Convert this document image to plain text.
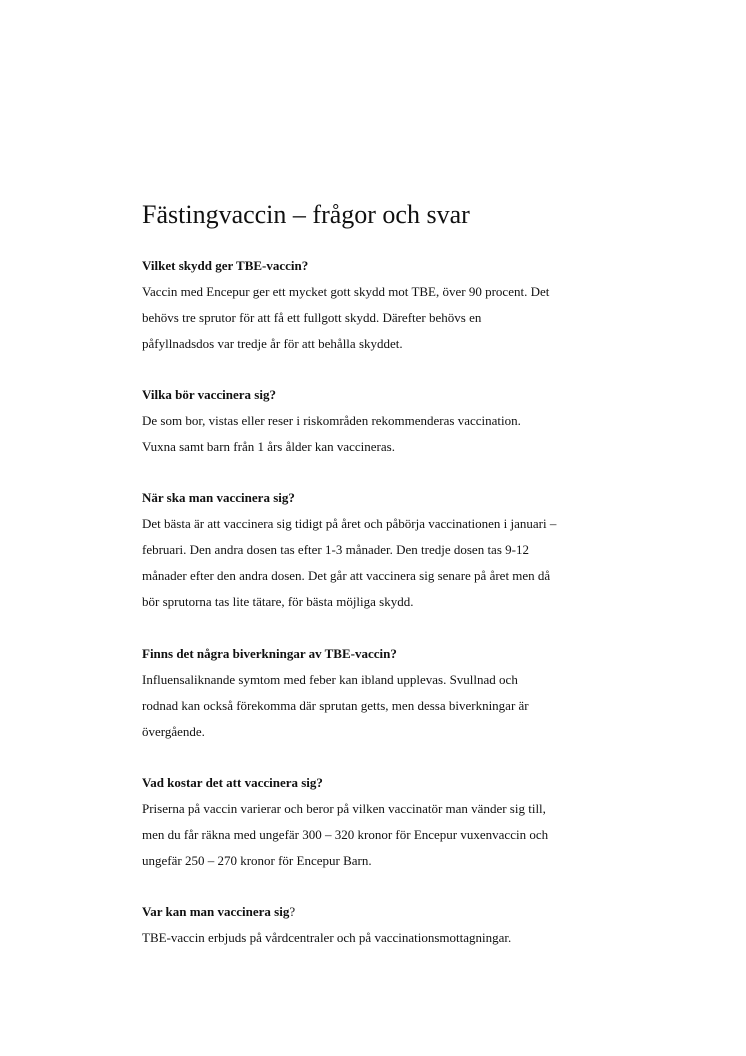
Fästingvaccin – frågor och svar

Vilket skydd ger TBE-vaccin?

Vaccin med Encepur ger ett mycket gott skydd mot TBE, över 90 procent. Det
behövs tre sprutor för att få ett fullgott skydd. Därefter behövs en
påfyllnadsdos var tredje år för att behålla skyddet.

Vilka bör vaccinera sig?

De som bor, vistas eller reser i riskområden rekommenderas vaccination.
Vuxna samt barn från 1 års ålder kan vaccineras.

När ska man vaccinera sig?

Det bästa är att vaccinera sig tidigt på året och påbörja vaccinationen i januari –
februari. Den andra dosen tas efter 1-3 månader. Den tredje dosen tas 9-12
månader efter den andra dosen. Det går att vaccinera sig senare på året men då
bör sprutorna tas lite tätare, för bästa möjliga skydd.

Finns det några biverkningar av TBE-vaccin?

Influensaliknande symtom med feber kan ibland upplevas. Svullnad och
rodnad kan också förekomma där sprutan getts, men dessa biverkningar är
övergående.

Vad kostar det att vaccinera sig?

Priserna på vaccin varierar och beror på vilken vaccinatör man vänder sig till,
men du får räkna med ungefär 300 – 320 kronor för Encepur vuxenvaccin och
ungefär 250 – 270 kronor för Encepur Barn.

Var kan man vaccinera sig?

TBE-vaccin erbjuds på vårdcentraler och på vaccinationsmottagningar.
